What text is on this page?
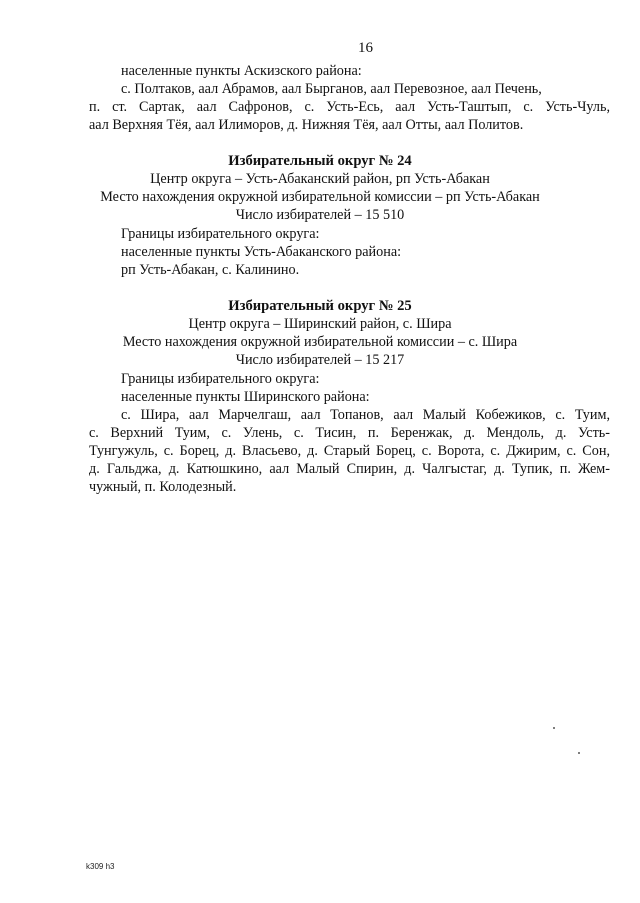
16
населенные пункты Аскизского района:
с. Полтаков, аал Абрамов, аал Бырганов, аал Перевозное, аал Печень,
п. ст. Сартак, аал Сафронов, с. Усть-Есь, аал Усть-Таштып, с. Усть-Чуль,
аал Верхняя Тёя, аал Илиморов, д. Нижняя Тёя, аал Отты, аал Политов.
Избирательный округ № 24
Центр округа – Усть-Абаканский район, рп Усть-Абакан
Место нахождения окружной избирательной комиссии – рп Усть-Абакан
Число избирателей – 15 510
Границы избирательного округа:
населенные пункты Усть-Абаканского района:
рп Усть-Абакан, с. Калинино.
Избирательный округ № 25
Центр округа – Ширинский район, с. Шира
Место нахождения окружной избирательной комиссии – с. Шира
Число избирателей – 15 217
Границы избирательного округа:
населенные пункты Ширинского района:
с. Шира, аал Марчелгаш, аал Топанов, аал Малый Кобежиков, с. Туим,
с. Верхний Туим, с. Улень, с. Тисин, п. Беренжак, д. Мендоль, д. Усть-
Тунгужуль, с. Борец, д. Власьево, д. Старый Борец, с. Ворота, с. Джирим, с. Сон,
д. Гальджа, д. Катюшкино, аал Малый Спирин, д. Чалгыстаг, д. Тупик, п. Жем-
чужный, п. Колодезный.
k309 h3
